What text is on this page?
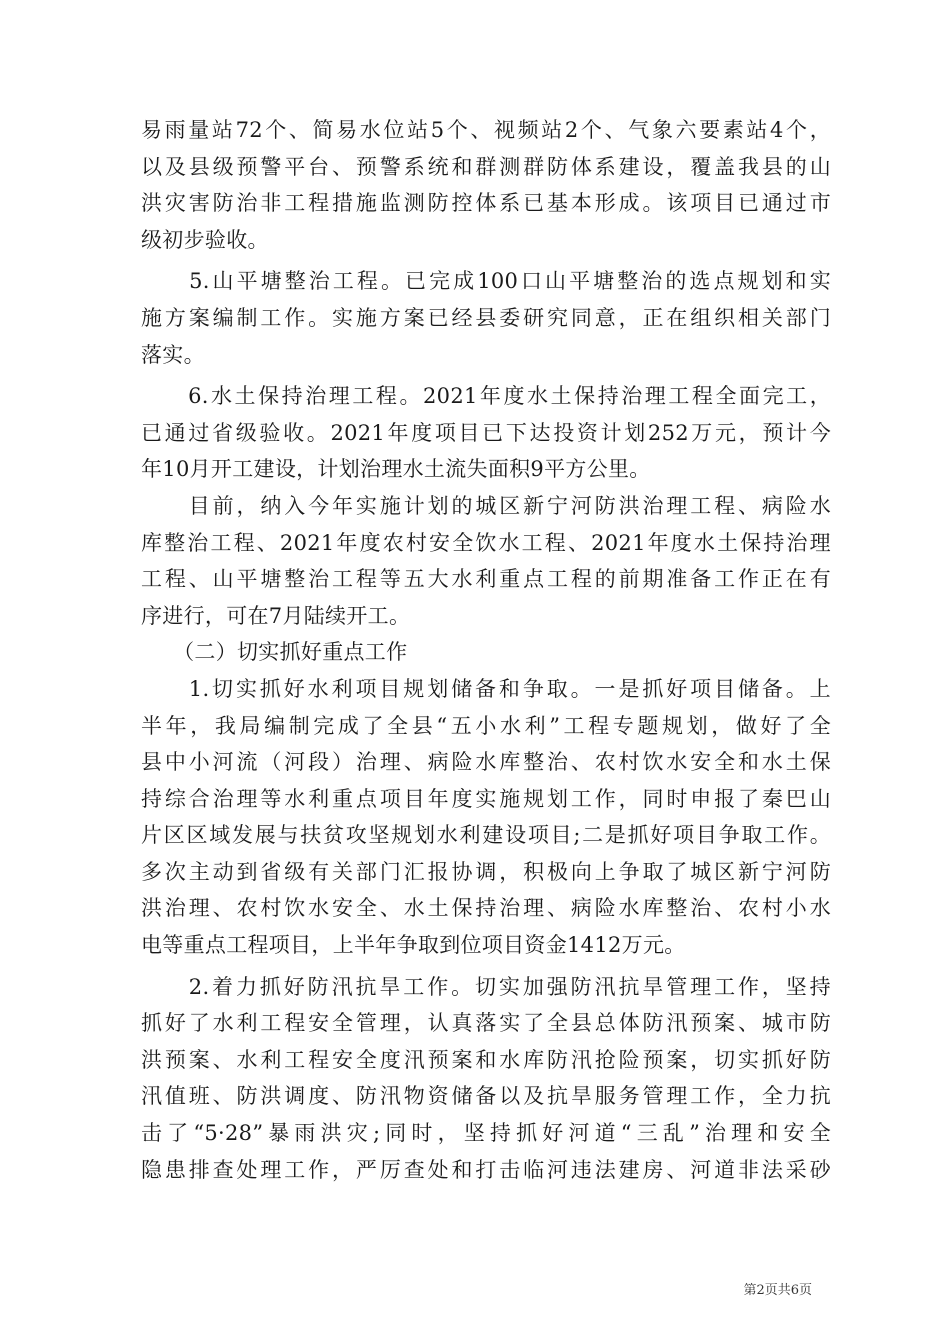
易雨量站72个、简易水位站5个、视频站2个、气象六要素站4个，
以及县级预警平台、预警系统和群测群防体系建设，覆盖我县的山
洪灾害防治非工程措施监测防控体系已基本形成。该项目已通过市
级初步验收。
　　5.山平塘整治工程。已完成100口山平塘整治的选点规划和实
施方案编制工作。实施方案已经县委研究同意，正在组织相关部门
落实。
　　6.水土保持治理工程。2021年度水土保持治理工程全面完工，
已通过省级验收。2021年度项目已下达投资计划252万元，预计今
年10月开工建设，计划治理水土流失面积9平方公里。
　　目前，纳入今年实施计划的城区新宁河防洪治理工程、病险水
库整治工程、2021年度农村安全饮水工程、2021年度水土保持治理
工程、山平塘整治工程等五大水利重点工程的前期准备工作正在有
序进行，可在7月陆续开工。
　　（二）切实抓好重点工作
　　1.切实抓好水利项目规划储备和争取。一是抓好项目储备。上
半年，我局编制完成了全县“五小水利”工程专题规划，做好了全
县中小河流（河段）治理、病险水库整治、农村饮水安全和水土保
持综合治理等水利重点项目年度实施规划工作，同时申报了秦巴山
片区区域发展与扶贫攻坚规划水利建设项目;二是抓好项目争取工作。
多次主动到省级有关部门汇报协调，积极向上争取了城区新宁河防
洪治理、农村饮水安全、水土保持治理、病险水库整治、农村小水
电等重点工程项目，上半年争取到位项目资金1412万元。
　　2.着力抓好防汛抗旱工作。切实加强防汛抗旱管理工作，坚持
抓好了水利工程安全管理，认真落实了全县总体防汛预案、城市防
洪预案、水利工程安全度汛预案和水库防汛抢险预案，切实抓好防
汛值班、防洪调度、防汛物资储备以及抗旱服务管理工作，全力抗
击了“5·28”暴雨洪灾;同时，坚持抓好河道“三乱”治理和安全
隐患排查处理工作，严厉查处和打击临河违法建房、河道非法采砂
第2页共6页
